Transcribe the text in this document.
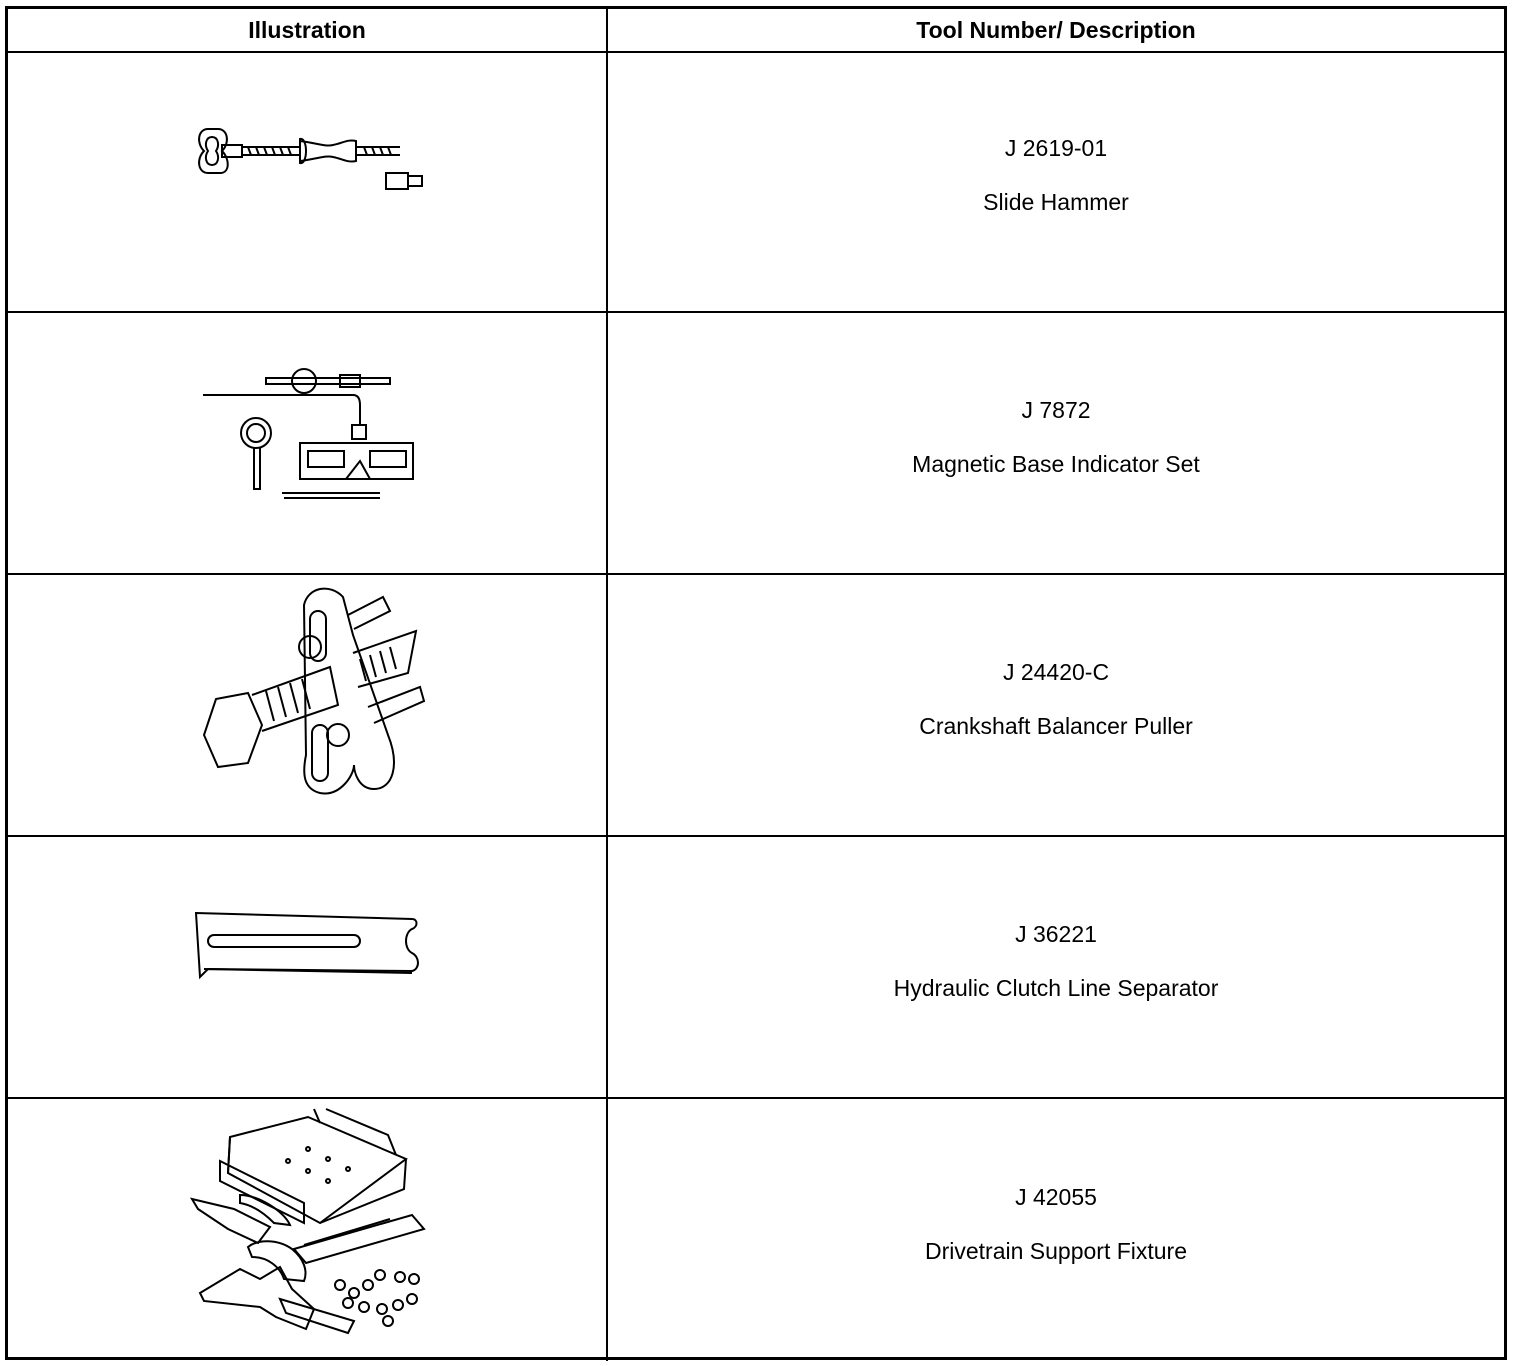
Illustration	Tool Number/ Description
J 2619-01
Slide Hammer
J 7872
Magnetic Base Indicator Set
J 24420-C
Crankshaft Balancer Puller
J 36221
Hydraulic Clutch Line Separator
J 42055
Drivetrain Support Fixture
